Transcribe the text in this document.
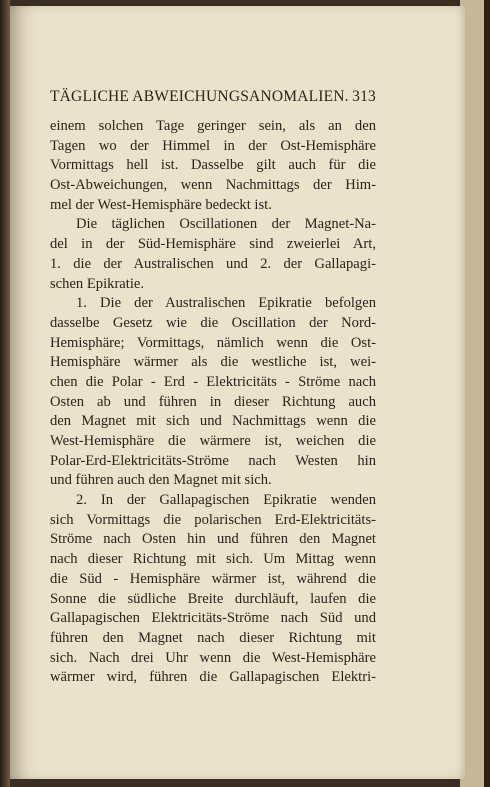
TÄGLICHE ABWEICHUNGSANOMALIEN. 313
einem solchen Tage geringer sein, als an den
Tagen wo der Himmel in der Ost-Hemisphäre
Vormittags hell ist. Dasselbe gilt auch für die
Ost-Abweichungen, wenn Nachmittags der Him-
mel der West-Hemisphäre bedeckt ist.
Die täglichen Oscillationen der Magnet-Na-
del in der Süd-Hemisphäre sind zweierlei Art,
1. die der Australischen und 2. der Gallapagi-
schen Epikratie.
1. Die der Australischen Epikratie befolgen
dasselbe Gesetz wie die Oscillation der Nord-
Hemisphäre; Vormittags, nämlich wenn die Ost-
Hemisphäre wärmer als die westliche ist, wei-
chen die Polar - Erd - Elektricitäts - Ströme nach
Osten ab und führen in dieser Richtung auch
den Magnet mit sich und Nachmittags wenn die
West-Hemisphäre die wärmere ist, weichen die
Polar-Erd-Elektricitäts-Ströme nach Westen hin
und führen auch den Magnet mit sich.
2. In der Gallapagischen Epikratie wenden
sich Vormittags die polarischen Erd-Elektricitäts-
Ströme nach Osten hin und führen den Magnet
nach dieser Richtung mit sich. Um Mittag wenn
die Süd - Hemisphäre wärmer ist, während die
Sonne die südliche Breite durchläuft, laufen die
Gallapagischen Elektricitäts-Ströme nach Süd und
führen den Magnet nach dieser Richtung mit
sich. Nach drei Uhr wenn die West-Hemisphäre
wärmer wird, führen die Gallapagischen Elektri-
